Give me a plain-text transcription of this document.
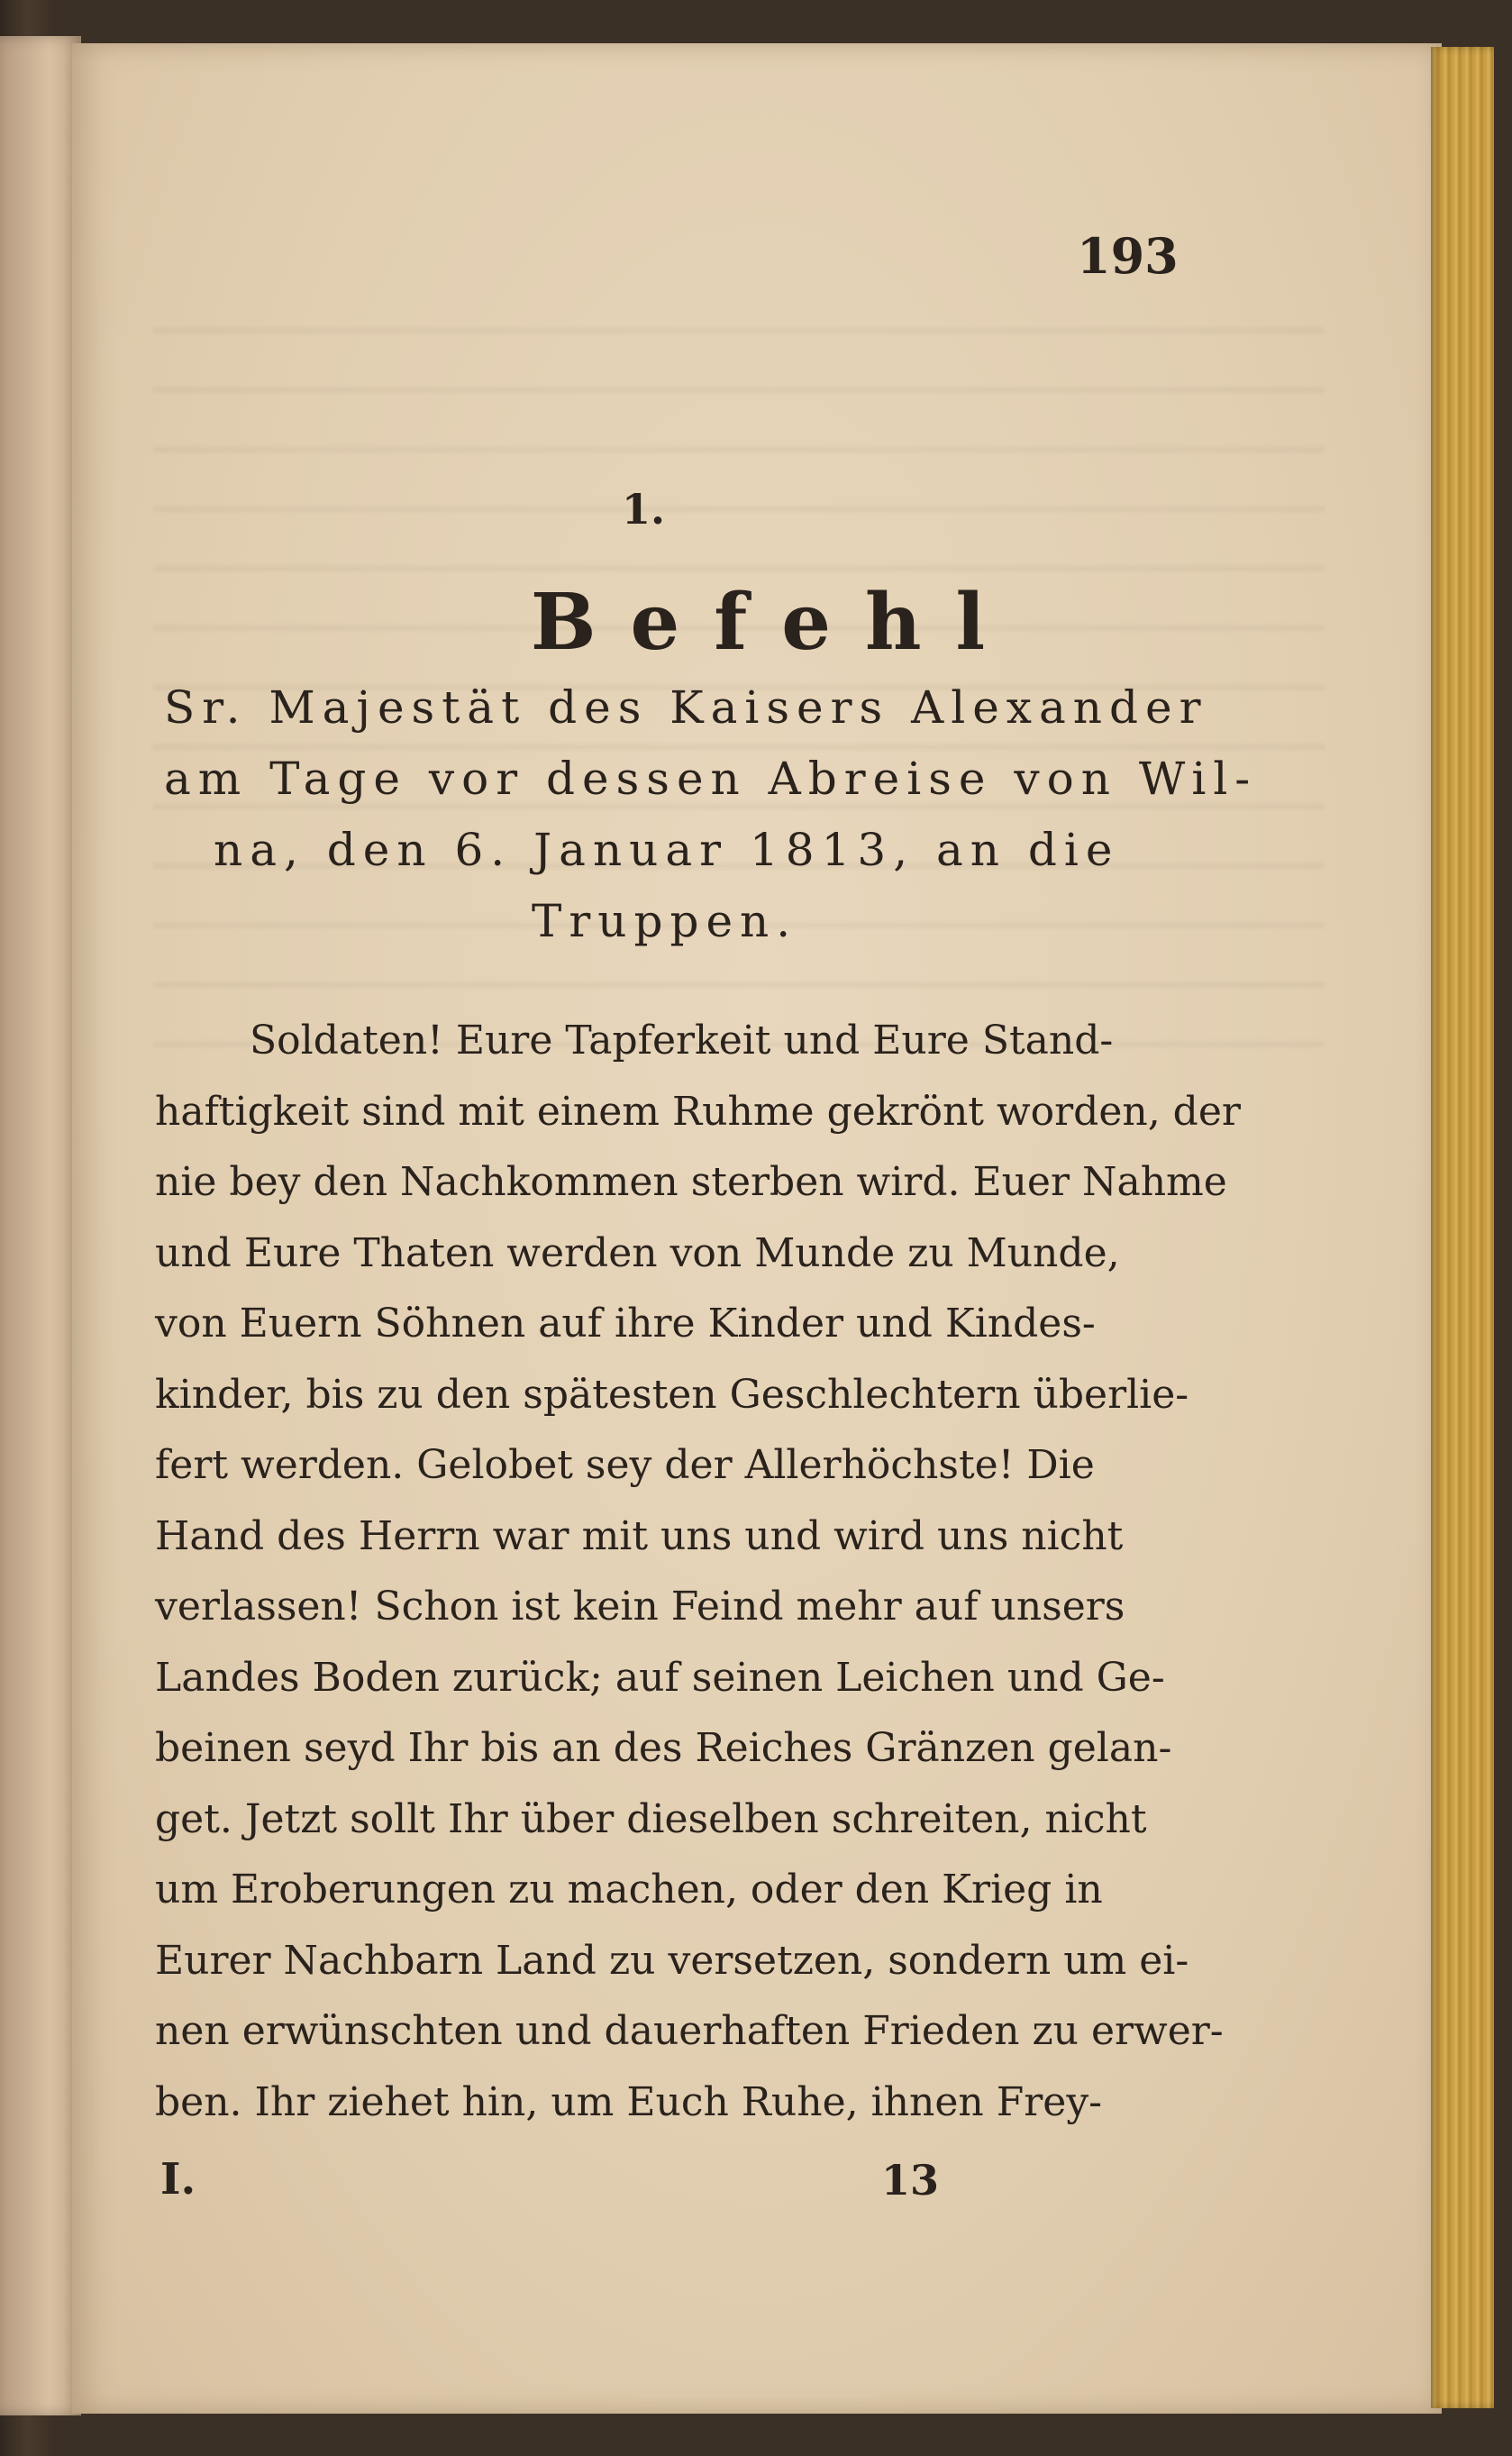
193
1.
Befehl
Sr. Majestät des Kaisers Alexander
am Tage vor dessen Abreise von Wil-
na, den 6. Januar 1813, an die
Truppen.
Soldaten! Eure Tapferkeit und Eure Stand-
haftigkeit sind mit einem Ruhme gekrönt worden, der
nie bey den Nachkommen sterben wird. Euer Nahme
und Eure Thaten werden von Munde zu Munde,
von Euern Söhnen auf ihre Kinder und Kindes-
kinder, bis zu den spätesten Geschlechtern überlie-
fert werden. Gelobet sey der Allerhöchste! Die
Hand des Herrn war mit uns und wird uns nicht
verlassen! Schon ist kein Feind mehr auf unsers
Landes Boden zurück; auf seinen Leichen und Ge-
beinen seyd Ihr bis an des Reiches Gränzen gelan-
get. Jetzt sollt Ihr über dieselben schreiten, nicht
um Eroberungen zu machen, oder den Krieg in
Eurer Nachbarn Land zu versetzen, sondern um ei-
nen erwünschten und dauerhaften Frieden zu erwer-
ben. Ihr ziehet hin, um Euch Ruhe, ihnen Frey-
I.	13
